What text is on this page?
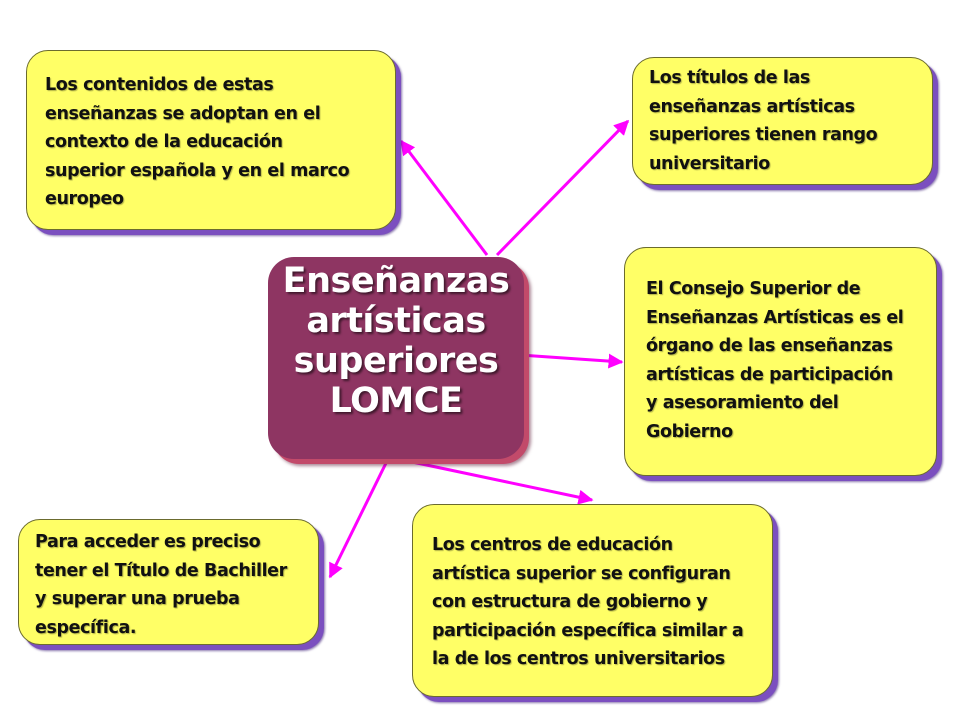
Enseñanzas
artísticas
superiores
LOMCE
Los contenidos de estas
enseñanzas se adoptan en el
contexto de la educación
superior española y en el marco
europeo
Los títulos de las
enseñanzas artísticas
superiores tienen rango
universitario
El Consejo Superior de
Enseñanzas Artísticas es el
órgano de las enseñanzas
artísticas de participación
y asesoramiento del
Gobierno
Los centros de educación
artística superior se configuran
con estructura de gobierno y
participación específica similar a
la de los centros universitarios
Para acceder es preciso
tener el Título de Bachiller
y superar una prueba
específica.
